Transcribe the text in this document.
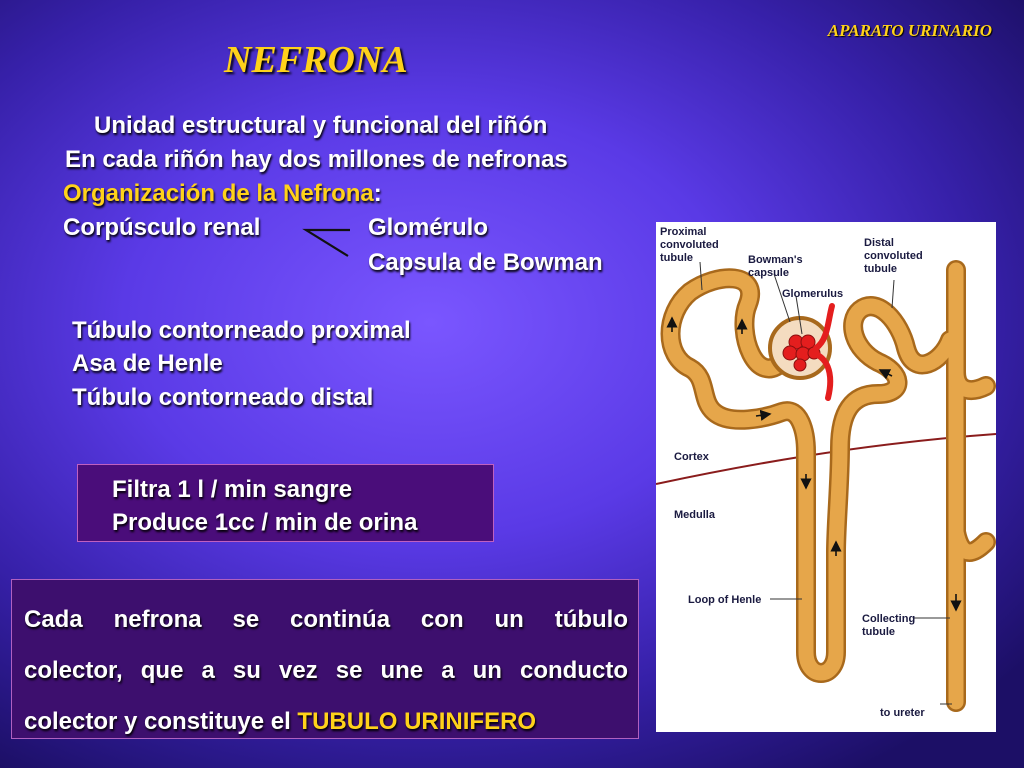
APARATO URINARIO
NEFRONA
Unidad estructural y funcional del riñón
En cada riñón hay dos millones de nefronas
Organización de la Nefrona:
Corpúsculo renal	Glomérulo
Capsula de Bowman
Túbulo contorneado proximal
Asa de Henle
Túbulo contorneado distal
Filtra 1 l / min sangre
Produce 1cc / min de orina

Cada nefrona se continúa con un túbulo

colector, que a su vez se une a un conducto

colector y constituye el TUBULO URINIFERO

Proximal
convoluted
tubule	Bowman's
capsule
Glomerulus
Distal
convoluted
tubule
Cortex
Medulla
Loop of Henle
Collecting
tubule
to ureter
